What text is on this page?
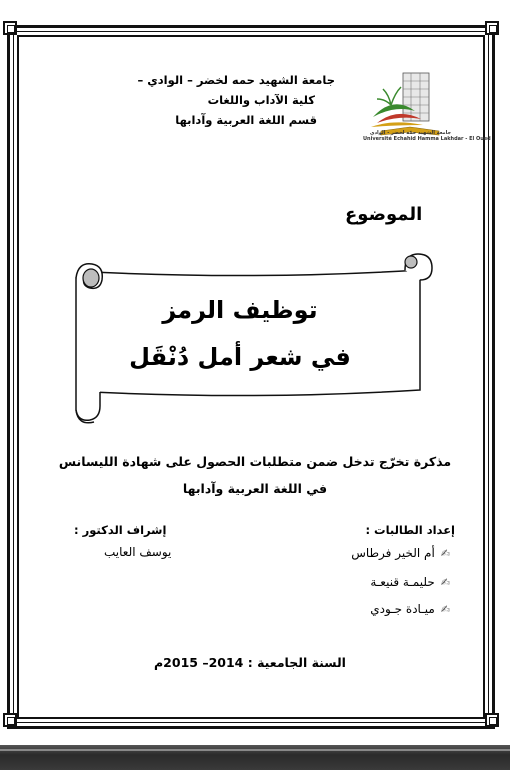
جامعة الشهيد حمه لخضر – الوادي –
كلية الآداب واللغات
قسم اللغة العربية وآدابها
جامعة الشهيد حمّه لخضر - الوادي
Université Echahid Hamma Lakhdar - El Oued
الموضوع
توظيف الرمز
في شعر أمل دُنْقَل
مذكرة تخرّج تدخل ضمن متطلبات الحصول على شهادة الليسانس
في اللغة العربية وآدابها
إعداد الطالبات :
✍
أم الخير فرطاس
✍
حليمـة قنيعـة
✍
ميـادة جـودي
إشراف الدكتور :
يوسف العايب
السنة الجامعية : 2014– 2015م
